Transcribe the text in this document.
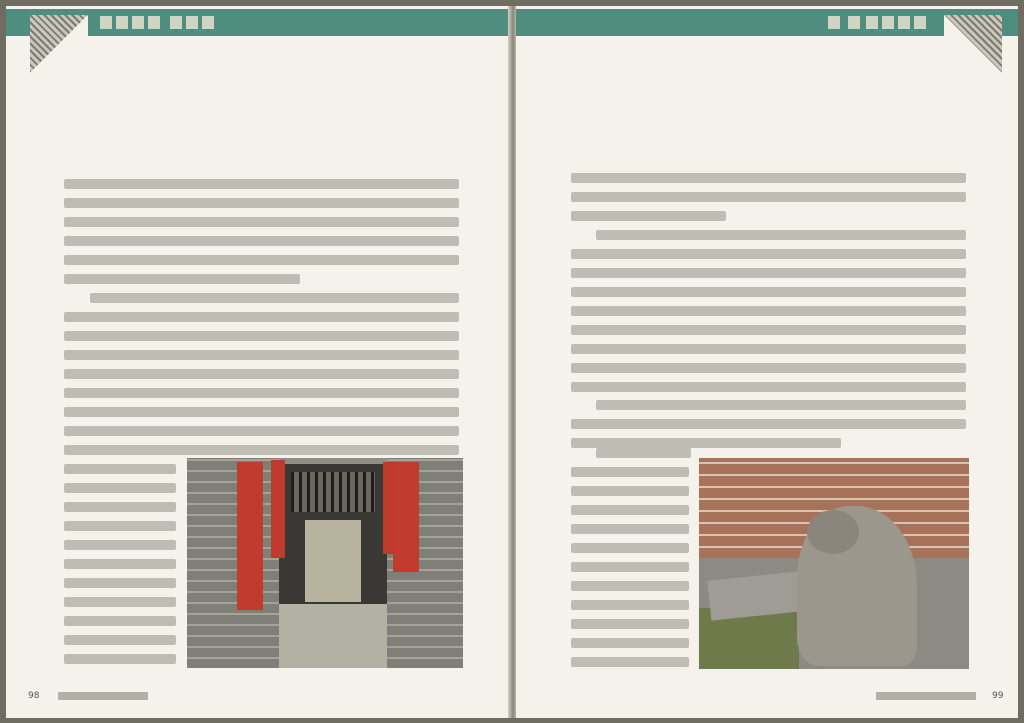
98	99
